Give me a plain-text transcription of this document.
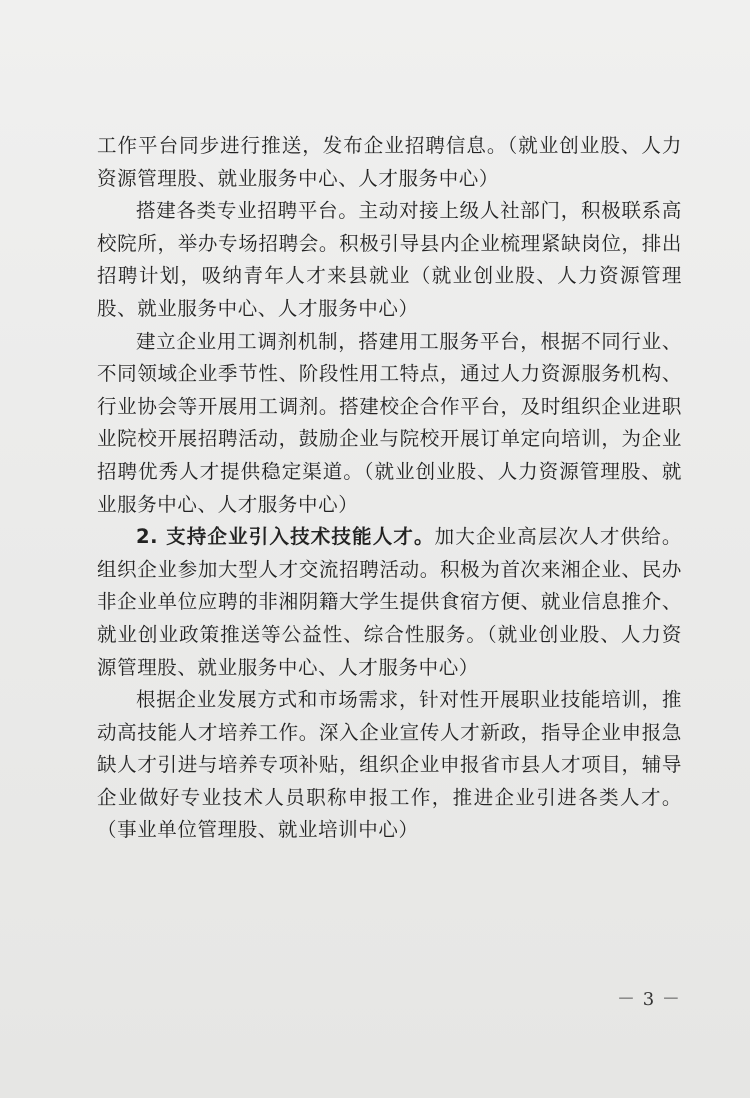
工作平台同步进行推送，发布企业招聘信息。（就业创业股、人力资源管理股、就业服务中心、人才服务中心）

搭建各类专业招聘平台。主动对接上级人社部门，积极联系高校院所，举办专场招聘会。积极引导县内企业梳理紧缺岗位，排出招聘计划，吸纳青年人才来县就业（就业创业股、人力资源管理股、就业服务中心、人才服务中心）

建立企业用工调剂机制，搭建用工服务平台，根据不同行业、不同领域企业季节性、阶段性用工特点，通过人力资源服务机构、行业协会等开展用工调剂。搭建校企合作平台，及时组织企业进职业院校开展招聘活动，鼓励企业与院校开展订单定向培训，为企业招聘优秀人才提供稳定渠道。（就业创业股、人力资源管理股、就业服务中心、人才服务中心）

2. 支持企业引入技术技能人才。加大企业高层次人才供给。组织企业参加大型人才交流招聘活动。积极为首次来湘企业、民办非企业单位应聘的非湘阴籍大学生提供食宿方便、就业信息推介、就业创业政策推送等公益性、综合性服务。（就业创业股、人力资源管理股、就业服务中心、人才服务中心）

根据企业发展方式和市场需求，针对性开展职业技能培训，推动高技能人才培养工作。深入企业宣传人才新政，指导企业申报急缺人才引进与培养专项补贴，组织企业申报省市县人才项目，辅导企业做好专业技术人员职称申报工作，推进企业引进各类人才。（事业单位管理股、就业培训中心）

－ 3 －
